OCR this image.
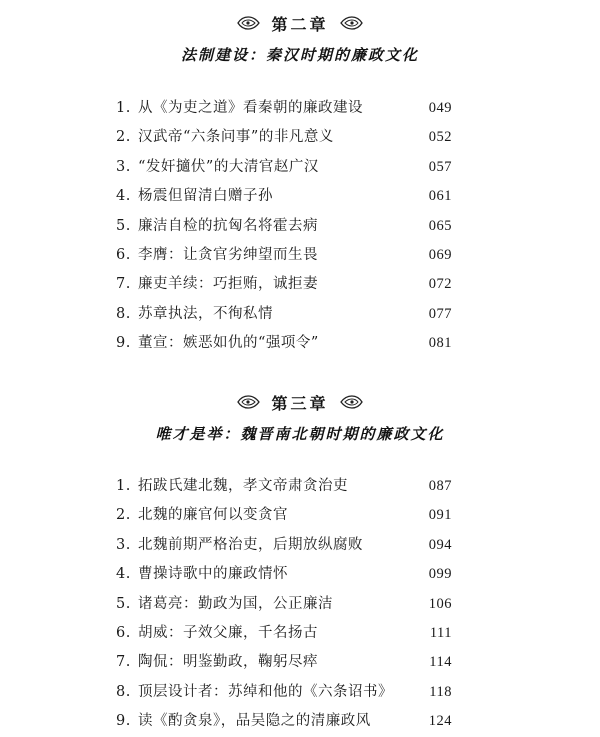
第二章
法制建设：秦汉时期的廉政文化
1. 从《为吏之道》看秦朝的廉政建设	049
2. 汉武帝“六条问事”的非凡意义	052
3. “发奸擿伏”的大清官赵广汉	057
4. 杨震但留清白赠子孙	061
5. 廉洁自检的抗匈名将霍去病	065
6. 李膺：让贪官劣绅望而生畏	069
7. 廉吏羊续：巧拒贿，诚拒妻	072
8. 苏章执法，不徇私情	077
9. 董宣：嫉恶如仇的“强项令”	081
第三章
唯才是举：魏晋南北朝时期的廉政文化
1. 拓跋氏建北魏，孝文帝肃贪治吏	087
2. 北魏的廉官何以变贪官	091
3. 北魏前期严格治吏，后期放纵腐败	094
4. 曹操诗歌中的廉政情怀	099
5. 诸葛亮：勤政为国，公正廉洁	106
6. 胡威：子效父廉，千名扬古	111
7. 陶侃：明鉴勤政，鞠躬尽瘁	114
8. 顶层设计者：苏绰和他的《六条诏书》	118
9. 读《酌贪泉》，品吴隐之的清廉政风	124
